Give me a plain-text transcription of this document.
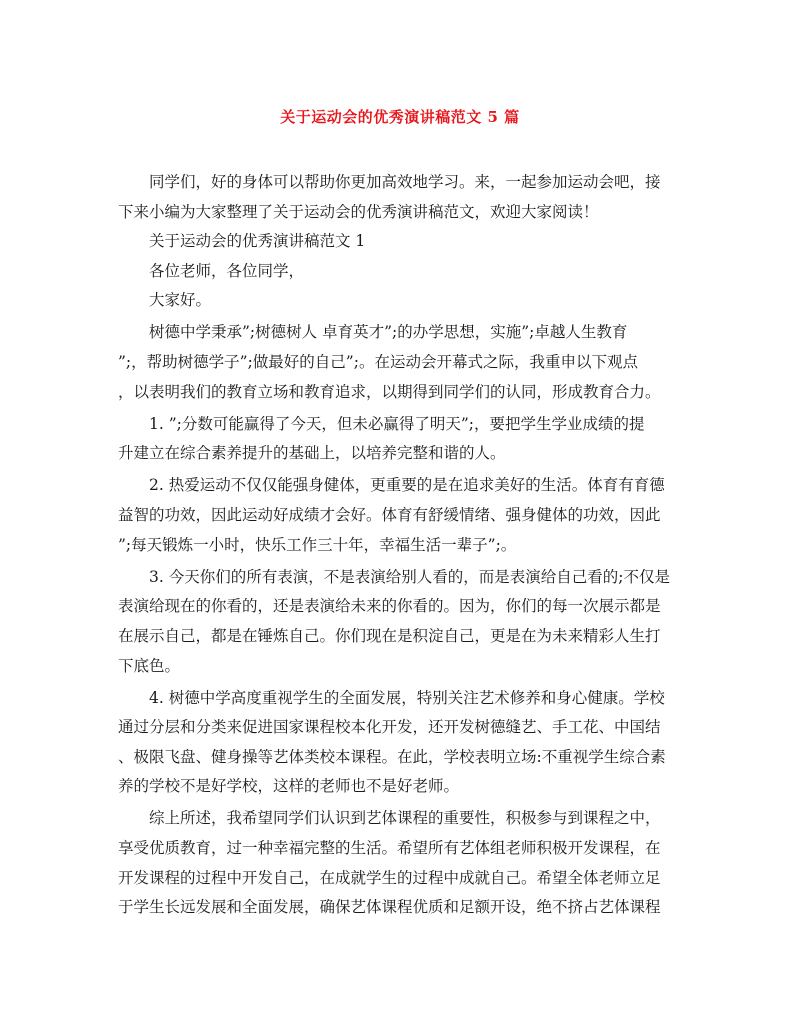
关于运动会的优秀演讲稿范文 5 篇
同学们，好的身体可以帮助你更加高效地学习。来，一起参加运动会吧，接
下来小编为大家整理了关于运动会的优秀演讲稿范文，欢迎大家阅读！
关于运动会的优秀演讲稿范文 1
各位老师，各位同学，
大家好。
树德中学秉承”;树德树人 卓育英才”;的办学思想，实施”;卓越人生教育
”;，帮助树德学子”;做最好的自己”;。在运动会开幕式之际，我重申以下观点
，以表明我们的教育立场和教育追求，以期得到同学们的认同，形成教育合力。
1. ”;分数可能赢得了今天，但未必赢得了明天”;，要把学生学业成绩的提
升建立在综合素养提升的基础上，以培养完整和谐的人。
2. 热爱运动不仅仅能强身健体，更重要的是在追求美好的生活。体育有育德
益智的功效，因此运动好成绩才会好。体育有舒缓情绪、强身健体的功效，因此
”;每天锻炼一小时，快乐工作三十年，幸福生活一辈子”;。
3. 今天你们的所有表演，不是表演给别人看的，而是表演给自己看的;不仅是
表演给现在的你看的，还是表演给未来的你看的。因为，你们的每一次展示都是
在展示自己，都是在锤炼自己。你们现在是积淀自己，更是在为未来精彩人生打
下底色。
4. 树德中学高度重视学生的全面发展，特别关注艺术修养和身心健康。学校
通过分层和分类来促进国家课程校本化开发，还开发树德缝艺、手工花、中国结
、极限飞盘、健身操等艺体类校本课程。在此，学校表明立场:不重视学生综合素
养的学校不是好学校，这样的老师也不是好老师。
综上所述，我希望同学们认识到艺体课程的重要性，积极参与到课程之中，
享受优质教育，过一种幸福完整的生活。希望所有艺体组老师积极开发课程，在
开发课程的过程中开发自己，在成就学生的过程中成就自己。希望全体老师立足
于学生长远发展和全面发展，确保艺体课程优质和足额开设，绝不挤占艺体课程
